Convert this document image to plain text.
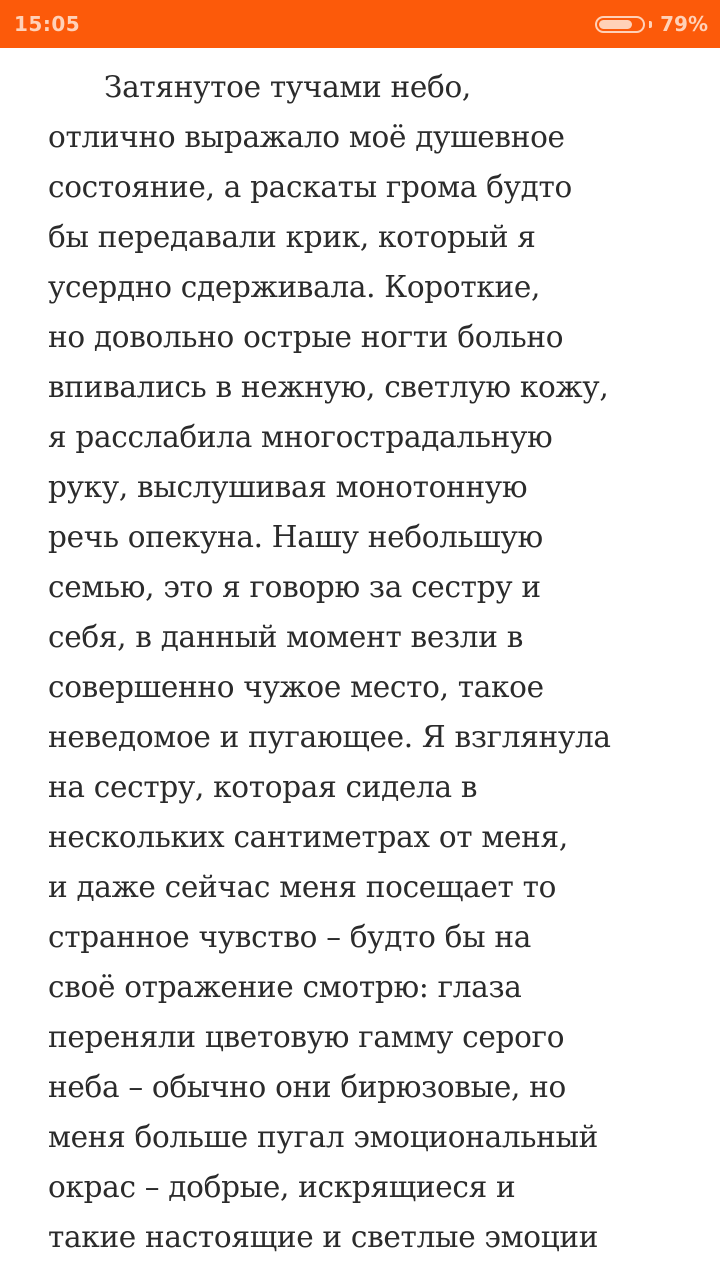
15:05	79%
Затянутое тучами небо,
отлично выражало моё душевное
состояние, а раскаты грома будто
бы передавали крик, который я
усердно сдерживала. Короткие,
но довольно острые ногти больно
впивались в нежную, светлую кожу,
я расслабила многострадальную
руку, выслушивая монотонную
речь опекуна. Нашу небольшую
семью, это я говорю за сестру и
себя, в данный момент везли в
совершенно чужое место, такое
неведомое и пугающее. Я взглянула
на сестру, которая сидела в
нескольких сантиметрах от меня,
и даже сейчас меня посещает то
странное чувство – будто бы на
своё отражение смотрю: глаза
переняли цветовую гамму серого
неба – обычно они бирюзовые, но
меня больше пугал эмоциональный
окрас – добрые, искрящиеся и
такие настоящие и светлые эмоции
